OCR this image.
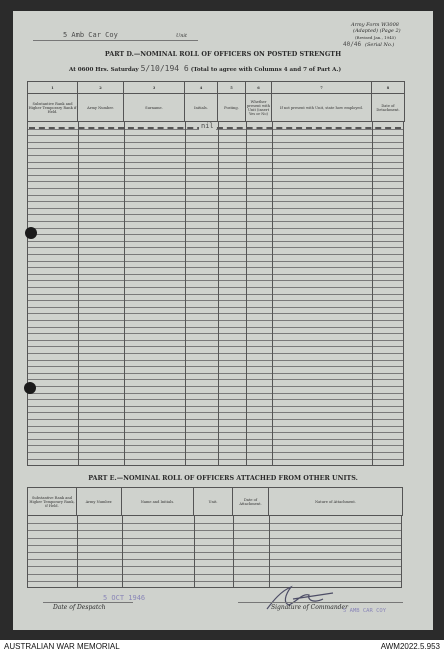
5 Amb Car Coy	Unit
Army Form W3008
(Adapted) (Page 2)
(Revised Jan., 1945)
40/46 (Serial No.)
PART D.—NOMINAL ROLL OF OFFICERS ON POSTED STRENGTH
At 0600 Hrs. Saturday 5/10/194 6 (Total to agree with Columns 4 and 7 of Part A.)
1	2	3	4	5	6	7	8
Substantive Rank and Higher Temporary Rank if Held.	Army Number.	Surname.	Initials.	Posting.	Whether present with Unit (insert Yes or No)	If not present with Unit, state how employed.	Date of Detachment.
nil
PART E.—NOMINAL ROLL OF OFFICERS ATTACHED FROM OTHER UNITS.
Substantive Rank and Higher Temporary Rank, if Held.	Army Number.	Name and Initials.	Unit.	Date of Attachment.	Nature of Attachment.
5 OCT 1946
Date of Despatch	Signature of Commander
5 AMB CAR COY
AUSTRALIAN WAR MEMORIAL	AWM2022.5.953
